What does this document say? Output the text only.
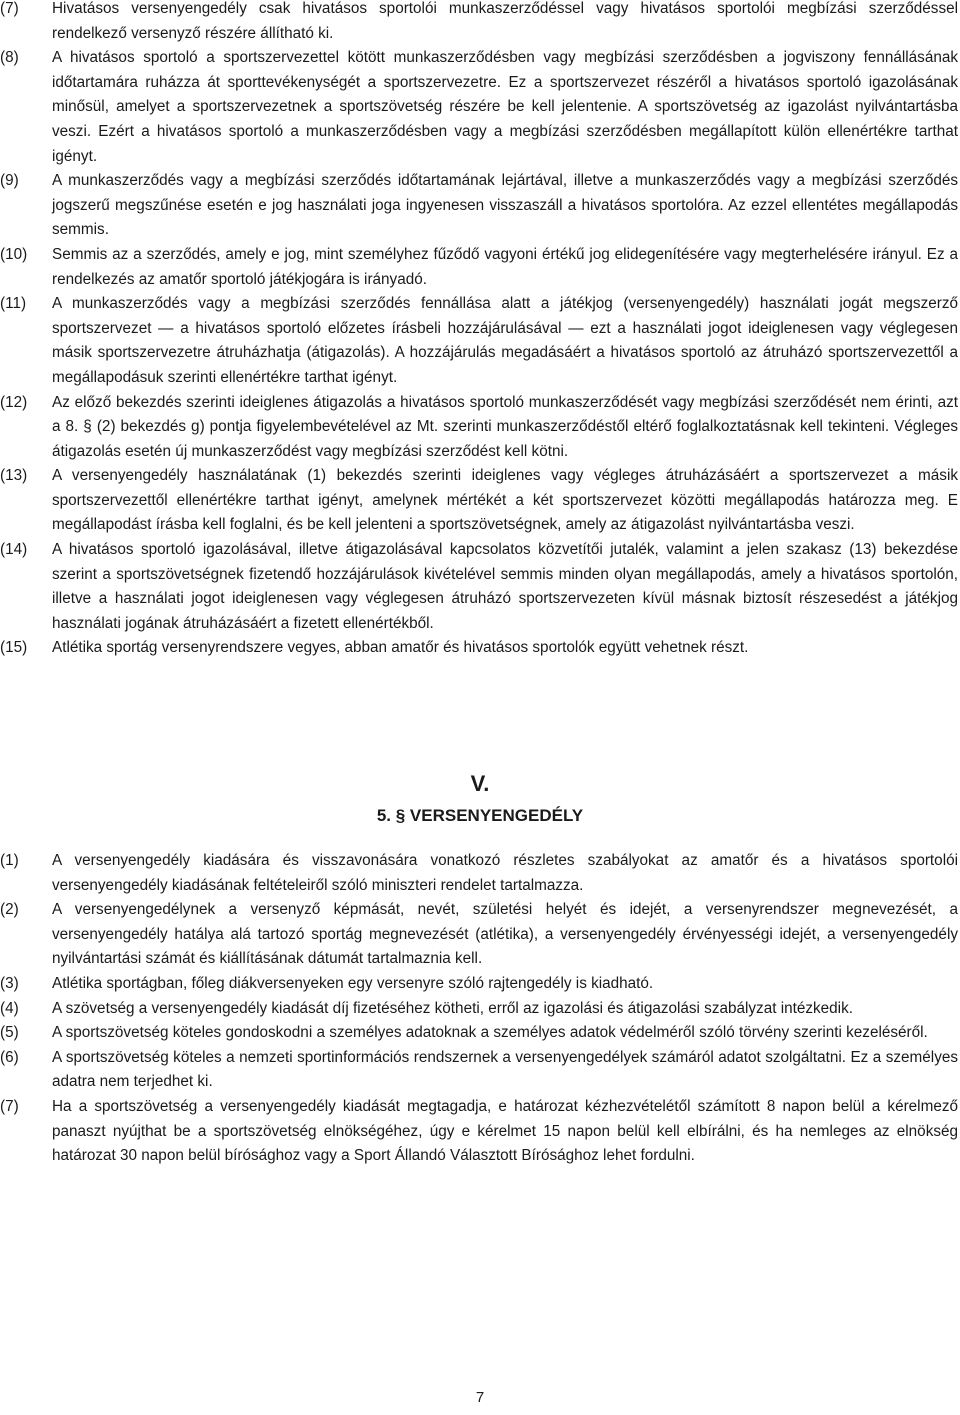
(7)	Hivatásos versenyengedély csak hivatásos sportolói munkaszerződéssel vagy hivatásos sportolói megbízási szerződéssel rendelkező versenyző részére állítható ki.
(8)	A hivatásos sportoló a sportszervezettel kötött munkaszerződésben vagy megbízási szerződésben a jogviszony fennállásának időtartamára ruházza át sporttevékenységét a sportszervezetre. Ez a sportszervezet részéről a hivatásos sportoló igazolásának minősül, amelyet a sportszervezetnek a sportszövetség részére be kell jelentenie. A sportszövetség az igazolást nyilvántartásba veszi. Ezért a hivatásos sportoló a munkaszerződésben vagy a megbízási szerződésben megállapított külön ellenértékre tarthat igényt.
(9)	A munkaszerződés vagy a megbízási szerződés időtartamának lejártával, illetve a munkaszerződés vagy a megbízási szerződés jogszerű megszűnése esetén e jog használati joga ingyenesen visszaszáll a hivatásos sportolóra. Az ezzel ellentétes megállapodás semmis.
(10)	Semmis az a szerződés, amely e jog, mint személyhez fűződő vagyoni értékű jog elidegenítésére vagy megterhelésére irányul. Ez a rendelkezés az amatőr sportoló játékjogára is irányadó.
(11)	A munkaszerződés vagy a megbízási szerződés fennállása alatt a játékjog (versenyengedély) használati jogát megszerző sportszervezet — a hivatásos sportoló előzetes írásbeli hozzájárulásával — ezt a használati jogot ideiglenesen vagy véglegesen másik sportszervezetre átruházhatja (átigazolás). A hozzájárulás megadásáért a hivatásos sportoló az átruházó sportszervezettől a megállapodásuk szerinti ellenértékre tarthat igényt.
(12)	Az előző bekezdés szerinti ideiglenes átigazolás a hivatásos sportoló munkaszerződését vagy megbízási szerződését nem érinti, azt a 8. § (2) bekezdés g) pontja figyelembevételével az Mt. szerinti munkaszerződéstől eltérő foglalkoztatásnak kell tekinteni. Végleges átigazolás esetén új munkaszerződést vagy megbízási szerződést kell kötni.
(13)	A versenyengedély használatának (1) bekezdés szerinti ideiglenes vagy végleges átruházásáért a sportszervezet a másik sportszervezettől ellenértékre tarthat igényt, amelynek mértékét a két sportszervezet közötti megállapodás határozza meg. E megállapodást írásba kell foglalni, és be kell jelenteni a sportszövetségnek, amely az átigazolást nyilvántartásba veszi.
(14)	A hivatásos sportoló igazolásával, illetve átigazolásával kapcsolatos közvetítői jutalék, valamint a jelen szakasz (13) bekezdése szerint a sportszövetségnek fizetendő hozzájárulások kivételével semmis minden olyan megállapodás, amely a hivatásos sportolón, illetve a használati jogot ideiglenesen vagy véglegesen átruházó sportszervezeten kívül másnak biztosít részesedést a játékjog használati jogának átruházásáért a fizetett ellenértékből.
(15)	Atlétika sportág versenyrendszere vegyes, abban amatőr és hivatásos sportolók együtt vehetnek részt.
V.
5. § VERSENYENGEDÉLY
(1)	A versenyengedély kiadására és visszavonására vonatkozó részletes szabályokat az amatőr és a hivatásos sportolói versenyengedély kiadásának feltételeiről szóló miniszteri rendelet tartalmazza.
(2)	A versenyengedélynek a versenyző képmását, nevét, születési helyét és idejét, a versenyrendszer megnevezését, a versenyengedély hatálya alá tartozó sportág megnevezését (atlétika), a versenyengedély érvényességi idejét, a versenyengedély nyilvántartási számát és kiállításának dátumát tartalmaznia kell.
(3)	Atlétika sportágban, főleg diákversenyeken egy versenyre szóló rajtengedély is kiadható.
(4)	A szövetség a versenyengedély kiadását díj fizetéséhez kötheti, erről az igazolási és átigazolási szabályzat intézkedik.
(5)	A sportszövetség köteles gondoskodni a személyes adatoknak a személyes adatok védelméről szóló törvény szerinti kezeléséről.
(6)	A sportszövetség köteles a nemzeti sportinformációs rendszernek a versenyengedélyek számáról adatot szolgáltatni. Ez a személyes adatra nem terjedhet ki.
(7)	Ha a sportszövetség a versenyengedély kiadását megtagadja, e határozat kézhezvételétől számított 8 napon belül a kérelmező panaszt nyújthat be a sportszövetség elnökségéhez, úgy e kérelmet 15 napon belül kell elbírálni, és ha nemleges az elnökség határozat 30 napon belül bírósághoz vagy a Sport Állandó Választott Bírósághoz lehet fordulni.
7
